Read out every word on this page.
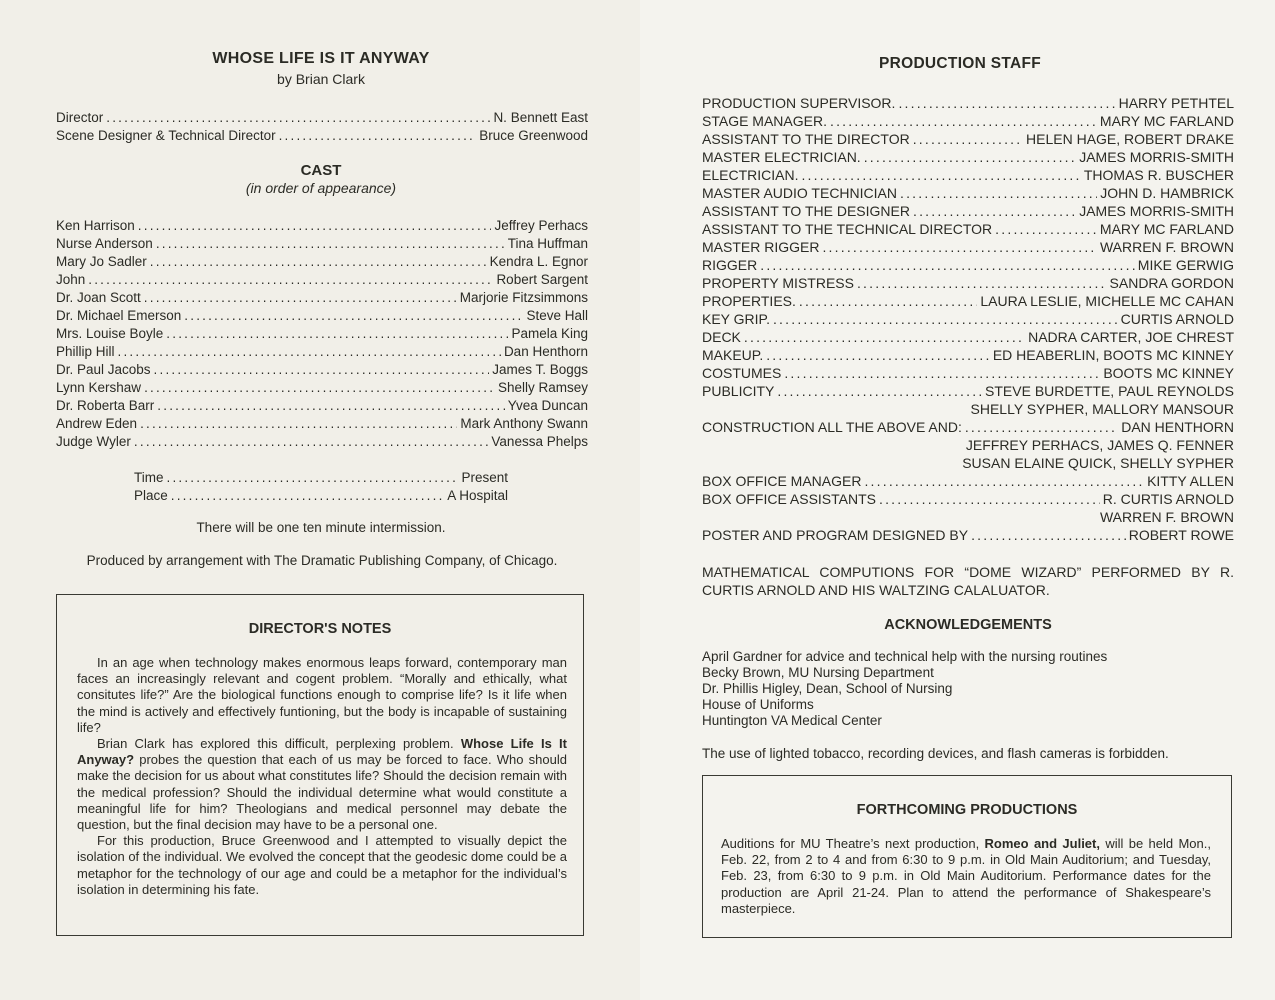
WHOSE LIFE IS IT ANYWAY
by Brian Clark
Director .....	N. Bennett East
Scene Designer & Technical Director .....	Bruce Greenwood
CAST
(in order of appearance)
Ken Harrison .....	Jeffrey Perhacs
Nurse Anderson .....	Tina Huffman
Mary Jo Sadler .....	Kendra L. Egnor
John .....	Robert Sargent
Dr. Joan Scott .....	Marjorie Fitzsimmons
Dr. Michael Emerson .....	Steve Hall
Mrs. Louise Boyle .....	Pamela King
Phillip Hill .....	Dan Henthorn
Dr. Paul Jacobs .....	James T. Boggs
Lynn Kershaw .....	Shelly Ramsey
Dr. Roberta Barr .....	Yvea Duncan
Andrew Eden .....	Mark Anthony Swann
Judge Wyler .....	Vanessa Phelps
Time .....	Present
Place .....	A Hospital
There will be one ten minute intermission.
Produced by arrangement with The Dramatic Publishing Company, of Chicago.
DIRECTOR'S NOTES

In an age when technology makes enormous leaps forward, contemporary man faces an increasingly relevant and cogent problem. “Morally and ethically, what consitutes life?” Are the biological functions enough to comprise life? Is it life when the mind is actively and effectively funtioning, but the body is incapable of sustaining life?

Brian Clark has explored this difficult, perplexing problem. Whose Life Is It Anyway? probes the question that each of us may be forced to face. Who should make the decision for us about what constitutes life? Should the decision remain with the medical profession? Should the individual determine what would constitute a meaningful life for him? Theologians and medical personnel may debate the question, but the final decision may have to be a personal one.

For this production, Bruce Greenwood and I attempted to visually depict the isolation of the individual. We evolved the concept that the geodesic dome could be a metaphor for the technology of our age and could be a metaphor for the individual’s isolation in determining his fate.

PRODUCTION STAFF
PRODUCTION SUPERVISOR. .....	HARRY PETHTEL
STAGE MANAGER. .....	MARY MC FARLAND
ASSISTANT TO THE DIRECTOR .....	HELEN HAGE, ROBERT DRAKE
MASTER ELECTRICIAN. .....	JAMES MORRIS-SMITH
ELECTRICIAN. .....	THOMAS R. BUSCHER
MASTER AUDIO TECHNICIAN .....	JOHN D. HAMBRICK
ASSISTANT TO THE DESIGNER .....	JAMES MORRIS-SMITH
ASSISTANT TO THE TECHNICAL DIRECTOR .....	MARY MC FARLAND
MASTER RIGGER .....	WARREN F. BROWN
RIGGER .....	MIKE GERWIG
PROPERTY MISTRESS .....	SANDRA GORDON
PROPERTIES. .....	LAURA LESLIE, MICHELLE MC CAHAN
KEY GRIP. .....	CURTIS ARNOLD
DECK .....	NADRA CARTER, JOE CHREST
MAKEUP. .....	ED HEABERLIN, BOOTS MC KINNEY
COSTUMES .....	BOOTS MC KINNEY
PUBLICITY .....	STEVE BURDETTE, PAUL REYNOLDS
SHELLY SYPHER, MALLORY MANSOUR
CONSTRUCTION ALL THE ABOVE AND: .....	DAN HENTHORN
JEFFREY PERHACS, JAMES Q. FENNER
SUSAN ELAINE QUICK, SHELLY SYPHER
BOX OFFICE MANAGER .....	KITTY ALLEN
BOX OFFICE ASSISTANTS .....	R. CURTIS ARNOLD
WARREN F. BROWN
POSTER AND PROGRAM DESIGNED BY .....	ROBERT ROWE
MATHEMATICAL COMPUTIONS FOR “DOME WIZARD” PERFORMED BY R. CURTIS ARNOLD AND HIS WALTZING CALALUATOR.
ACKNOWLEDGEMENTS
April Gardner for advice and technical help with the nursing routines
Becky Brown, MU Nursing Department
Dr. Phillis Higley, Dean, School of Nursing
House of Uniforms
Huntington VA Medical Center
The use of lighted tobacco, recording devices, and flash cameras is forbidden.
FORTHCOMING PRODUCTIONS
Auditions for MU Theatre’s next production, Romeo and Juliet, will be held Mon., Feb. 22, from 2 to 4 and from 6:30 to 9 p.m. in Old Main Auditorium; and Tuesday, Feb. 23, from 6:30 to 9 p.m. in Old Main Auditorium. Performance dates for the production are April 21-24. Plan to attend the performance of Shakespeare’s masterpiece.
